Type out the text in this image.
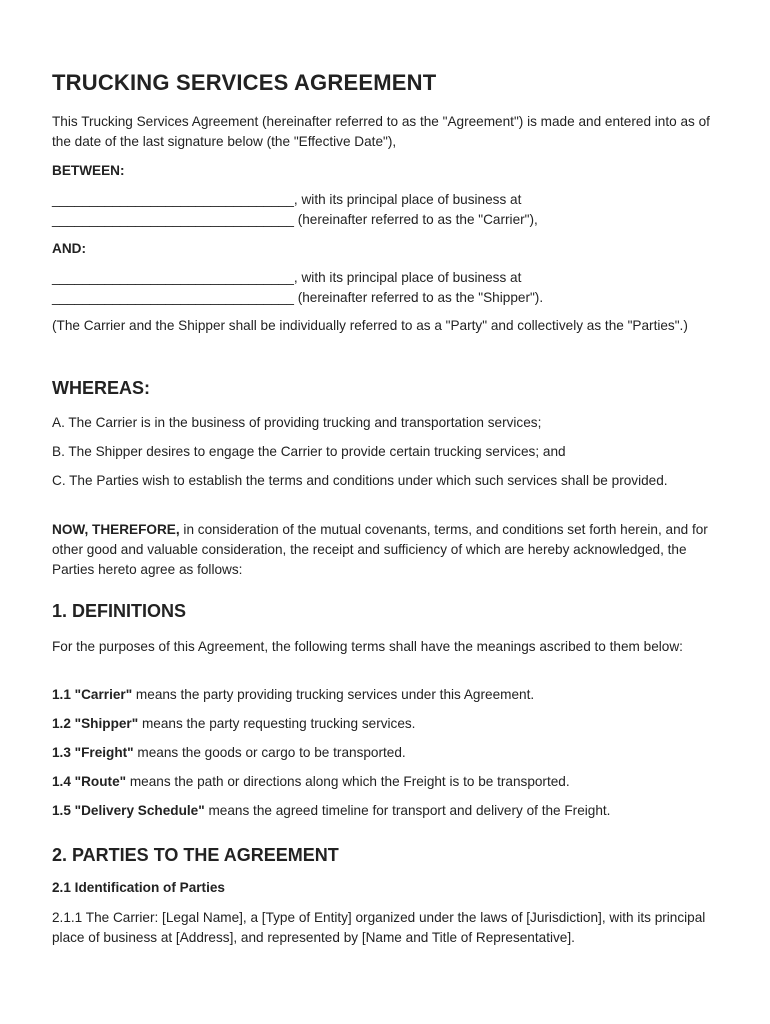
TRUCKING SERVICES AGREEMENT

This Trucking Services Agreement (hereinafter referred to as the "Agreement") is made and entered into as of the date of the last signature below (the "Effective Date"),

BETWEEN:

________________________________, with its principal place of business at
________________________________ (hereinafter referred to as the "Carrier"),

AND:

________________________________, with its principal place of business at
________________________________ (hereinafter referred to as the "Shipper").

(The Carrier and the Shipper shall be individually referred to as a "Party" and collectively as the "Parties".)

WHEREAS:

A. The Carrier is in the business of providing trucking and transportation services;

B. The Shipper desires to engage the Carrier to provide certain trucking services; and

C. The Parties wish to establish the terms and conditions under which such services shall be provided.

NOW, THEREFORE, in consideration of the mutual covenants, terms, and conditions set forth herein, and for other good and valuable consideration, the receipt and sufficiency of which are hereby acknowledged, the Parties hereto agree as follows:

1. DEFINITIONS

For the purposes of this Agreement, the following terms shall have the meanings ascribed to them below:

1.1 "Carrier" means the party providing trucking services under this Agreement.

1.2 "Shipper" means the party requesting trucking services.

1.3 "Freight" means the goods or cargo to be transported.

1.4 "Route" means the path or directions along which the Freight is to be transported.

1.5 "Delivery Schedule" means the agreed timeline for transport and delivery of the Freight.

2. PARTIES TO THE AGREEMENT
2.1 Identification of Parties

2.1.1 The Carrier: [Legal Name], a [Type of Entity] organized under the laws of [Jurisdiction], with its principal place of business at [Address], and represented by [Name and Title of Representative].
